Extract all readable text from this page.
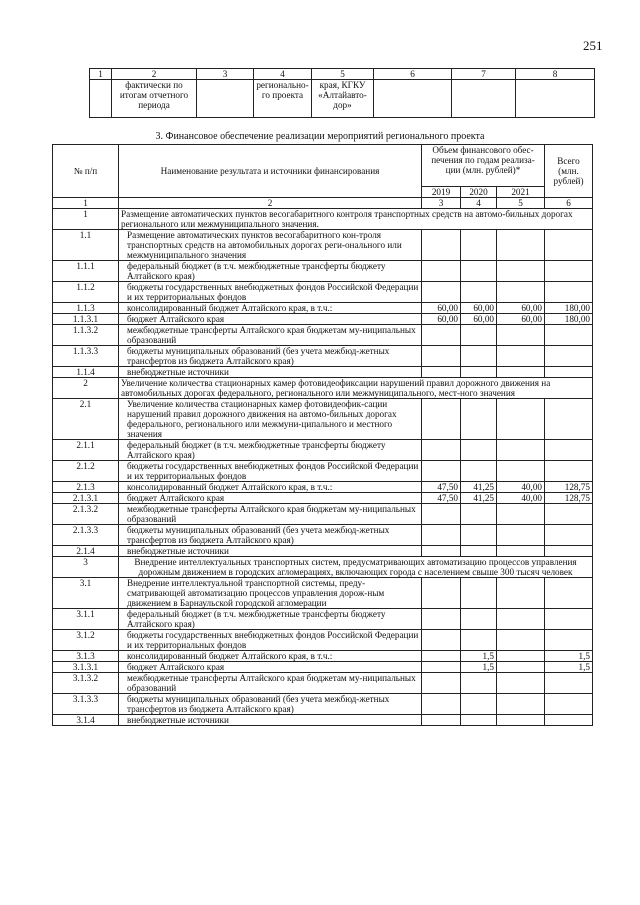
251
1	2	3	4	5	6	7	8
	фактически по итогам отчетного периода		регионально-го проекта	края, КГКУ «Алтайавто-дор»			
3. Финансовое обеспечение реализации мероприятий регионального проекта
№ п/п	Наименование результата и источники финансирования	Объем финансового обес-печения по годам реализа-ции (млн. рублей)*			Всего (млн. рублей)
		2019	2020	2021	
1	2	3	4	5	6
1	Размещение автоматических пунктов весогабаритного контроля транспортных средств на автомо-бильных дорогах регионального или межмуниципального значения.				
1.1	Размещение автоматических пунктов весогабаритного кон-троля транспортных средств на автомобильных дорогах реги-онального или межмуниципального значения				
1.1.1	федеральный бюджет (в т.ч. межбюджетные трансферты бюджету Алтайского края)				
1.1.2	бюджеты государственных внебюджетных фондов Российской Федерации и их территориальных фондов				
1.1.3	консолидированный бюджет Алтайского края, в т.ч.:	60,00	60,00	60,00	180,00
1.1.3.1	бюджет Алтайского края	60,00	60,00	60,00	180,00
1.1.3.2	межбюджетные трансферты Алтайского края бюджетам му-ниципальных образований				
1.1.3.3	бюджеты муниципальных образований (без учета межбюд-жетных трансфертов из бюджета Алтайского края)				
1.1.4	внебюджетные источники				
2	Увеличение количества стационарных камер фотовидеофиксации нарушений правил дорожного движения на автомобильных дорогах федерального, регионального или межмуниципального, мест-ного значения				
2.1	Увеличение количества стационарных камер фотовидеофик-сации нарушений правил дорожного движения на автомо-бильных дорогах федерального, регионального или межмуни-ципального и местного значения				
2.1.1	федеральный бюджет (в т.ч. межбюджетные трансферты бюджету Алтайского края)				
2.1.2	бюджеты государственных внебюджетных фондов Российской Федерации и их территориальных фондов				
2.1.3	консолидированный бюджет Алтайского края, в т.ч.:	47,50	41,25	40,00	128,75
2.1.3.1	бюджет Алтайского края	47,50	41,25	40,00	128,75
2.1.3.2	межбюджетные трансферты Алтайского края бюджетам му-ниципальных образований				
2.1.3.3	бюджеты муниципальных образований (без учета межбюд-жетных трансфертов из бюджета Алтайского края)				
2.1.4	внебюджетные источники				
3	Внедрение интеллектуальных транспортных систем, предусматривающих автоматизацию процессов управления дорожным движением в городских агломерациях, включающих города с населением свыше 300 тысяч человек				
3.1	Внедрение интеллектуальной транспортной системы, преду-сматривающей автоматизацию процессов управления дорож-ным движением в Барнаульской городской агломерации				
3.1.1	федеральный бюджет (в т.ч. межбюджетные трансферты бюджету Алтайского края)				
3.1.2	бюджеты государственных внебюджетных фондов Российской Федерации и их территориальных фондов				
3.1.3	консолидированный бюджет Алтайского края, в т.ч.:		1,5		1,5
3.1.3.1	бюджет Алтайского края		1,5		1,5
3.1.3.2	межбюджетные трансферты Алтайского края бюджетам му-ниципальных образований				
3.1.3.3	бюджеты муниципальных образований (без учета межбюд-жетных трансфертов из бюджета Алтайского края)				
3.1.4	внебюджетные источники				
